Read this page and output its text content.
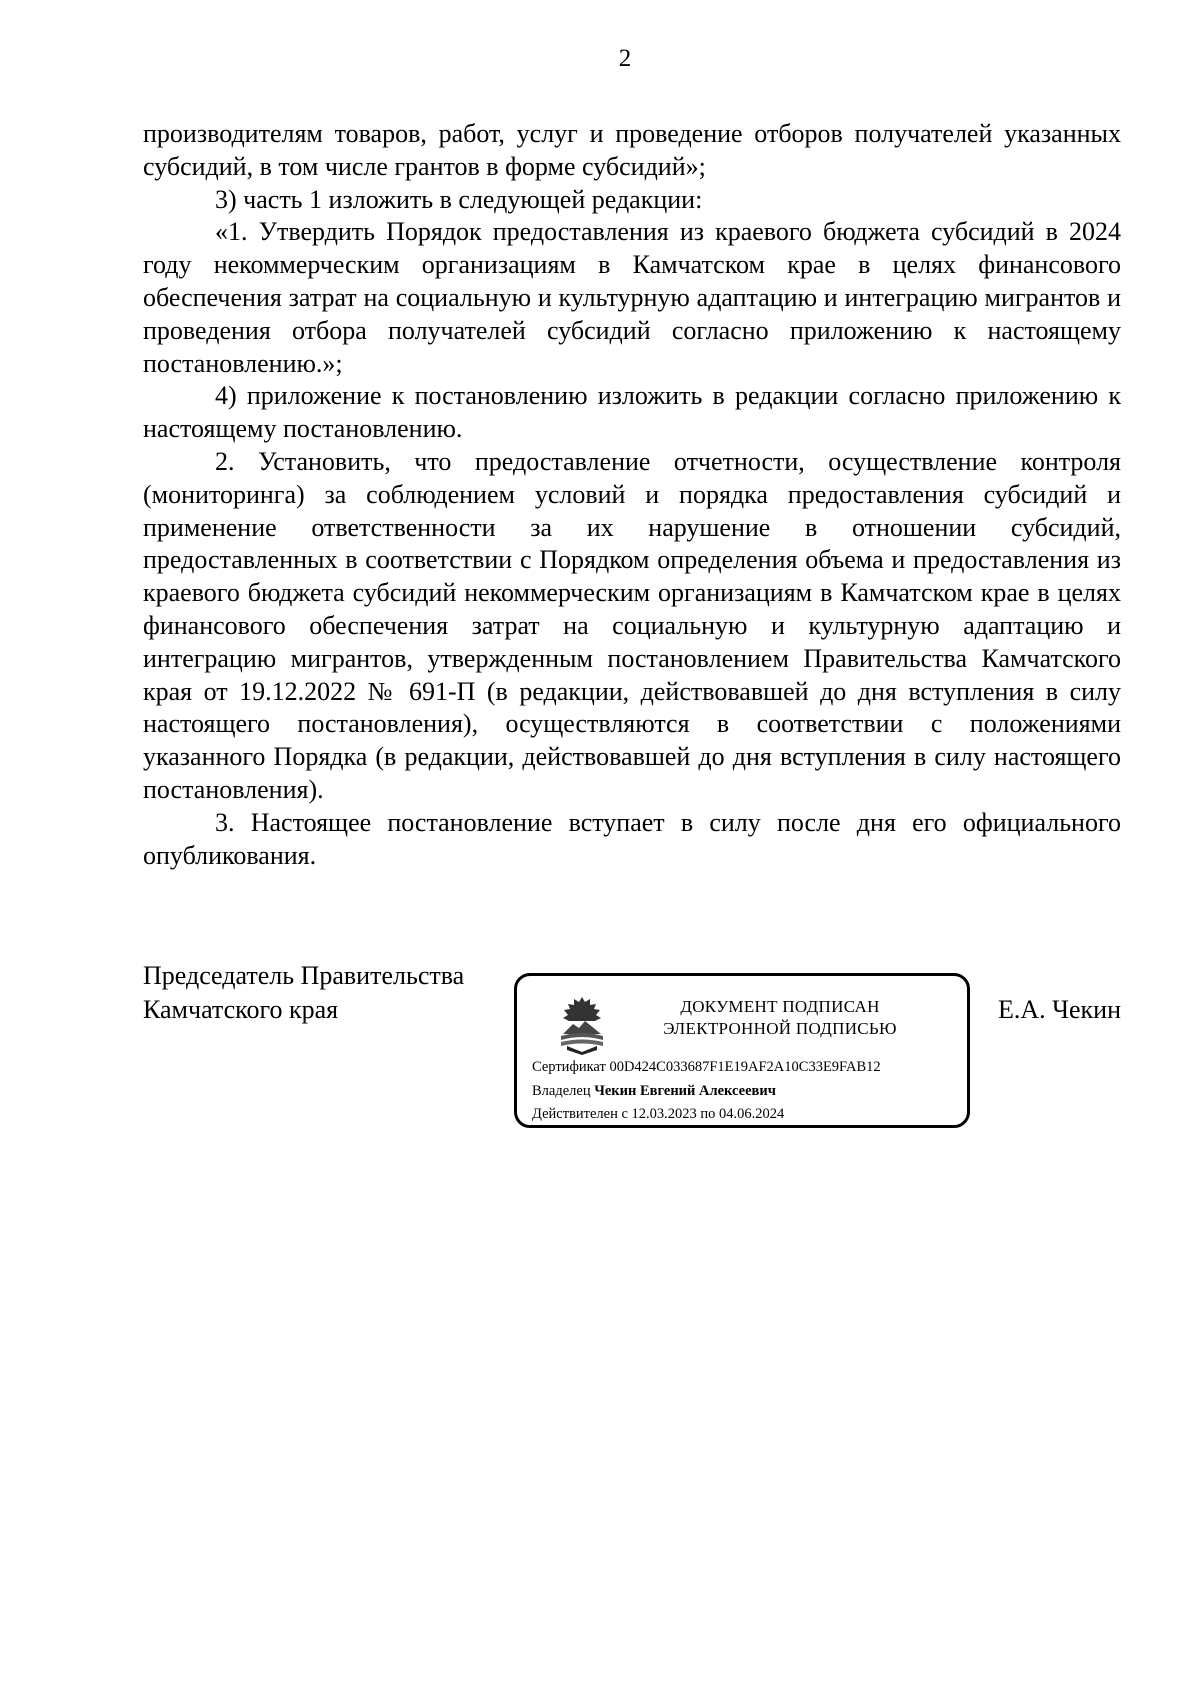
2

производителям товаров, работ, услуг и проведение отборов получателей указанных субсидий, в том числе грантов в форме субсидий»;

3) часть 1 изложить в следующей редакции:

«1. Утвердить Порядок предоставления из краевого бюджета субсидий в 2024 году некоммерческим организациям в Камчатском крае в целях финансового обеспечения затрат на социальную и культурную адаптацию и интеграцию мигрантов и проведения отбора получателей субсидий согласно приложению к настоящему постановлению.»;

4) приложение к постановлению изложить в редакции согласно приложению к настоящему постановлению.

2. Установить, что предоставление отчетности, осуществление контроля (мониторинга) за соблюдением условий и порядка предоставления субсидий и применение ответственности за их нарушение в отношении субсидий, предоставленных в соответствии с Порядком определения объема и предоставления из краевого бюджета субсидий некоммерческим организациям в Камчатском крае в целях финансового обеспечения затрат на социальную и культурную адаптацию и интеграцию мигрантов, утвержденным постановлением Правительства Камчатского края от 19.12.2022 № 691-П (в редакции, действовавшей до дня вступления в силу настоящего постановления), осуществляются в соответствии с положениями указанного Порядка (в редакции, действовавшей до дня вступления в силу настоящего постановления).

3. Настоящее постановление вступает в силу после дня его официального опубликования.

Председатель Правительства
Камчатского края	ДОКУМЕНТ ПОДПИСАН
ЭЛЕКТРОННОЙ ПОДПИСЬЮ
Сертификат 00D424C033687F1E19AF2A10C33E9FAB12
Владелец Чекин Евгений Алексеевич
Действителен с 12.03.2023 по 04.06.2024
Е.А. Чекин
